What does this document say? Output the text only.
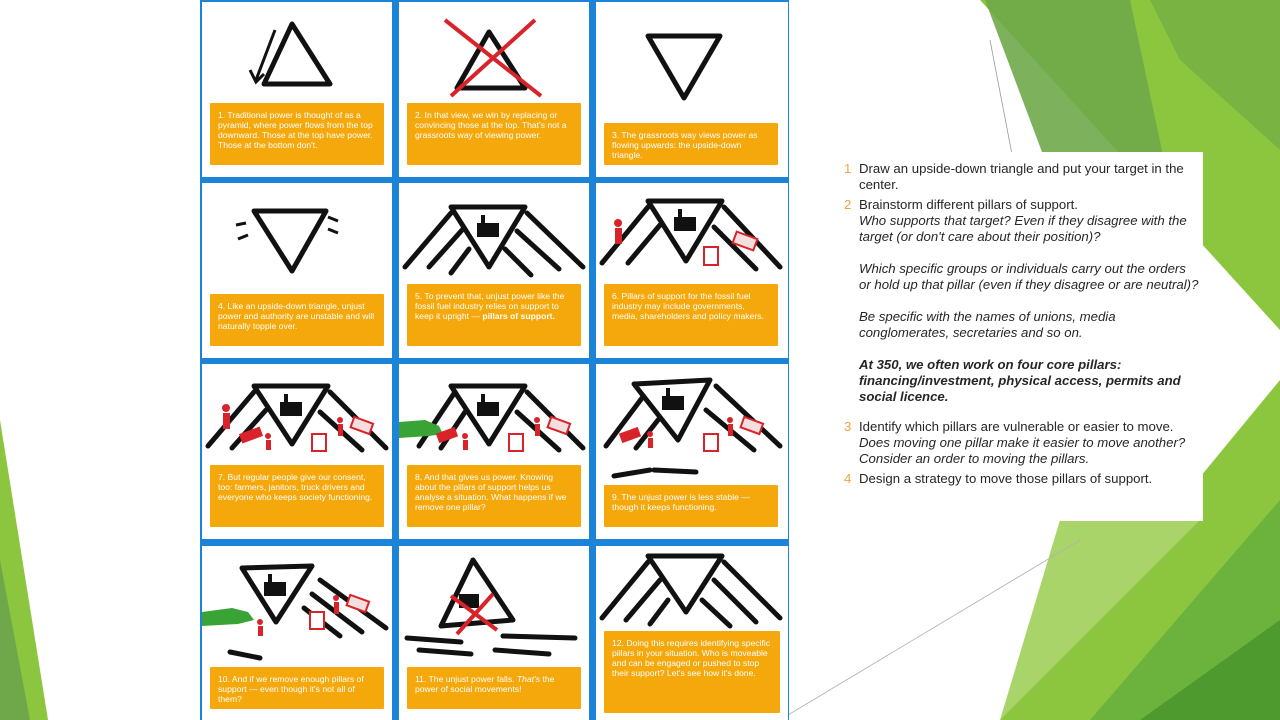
1. Traditional power is thought of as a pyramid, where power flows from the top downward. Those at the top have power. Those at the bottom don't.
2. In that view, we win by replacing or convincing those at the top. That's not a grassroots way of viewing power.	3. The grassroots way views power as flowing upwards: the upside-down triangle.
4. Like an upside-down triangle, unjust power and authority are unstable and will naturally topple over.
5. To prevent that, unjust power like the fossil fuel industry relies on support to keep it upright — pillars of support.
6. Pillars of support for the fossil fuel industry may include governments, media, shareholders and policy makers.
7. But regular people give our consent, too: farmers, janitors, truck drivers and everyone who keeps society functioning.
8. And that gives us power. Knowing about the pillars of support helps us analyse a situation. What happens if we remove one pillar?
9. The unjust power is less stable — though it keeps functioning.
10. And if we remove enough pillars of support — even though it's not all of them?
11. The unjust power falls. That's the power of social movements!
12. Doing this requires identifying specific pillars in your situation. Who is moveable and can be engaged or pushed to stop their support? Let's see how it's done.
1 Draw an upside-down triangle and put your target in the center.
2 Brainstorm different pillars of support.
Who supports that target? Even if they disagree with the target (or don't care about their position)?
Which specific groups or individuals carry out the orders or hold up that pillar (even if they disagree or are neutral)?
Be specific with the names of unions, media conglomerates, secretaries and so on.
At 350, we often work on four core pillars: financing/investment, physical access, permits and social licence.
3 Identify which pillars are vulnerable or easier to move.
Does moving one pillar make it easier to move another? Consider an order to moving the pillars.
4 Design a strategy to move those pillars of support.
